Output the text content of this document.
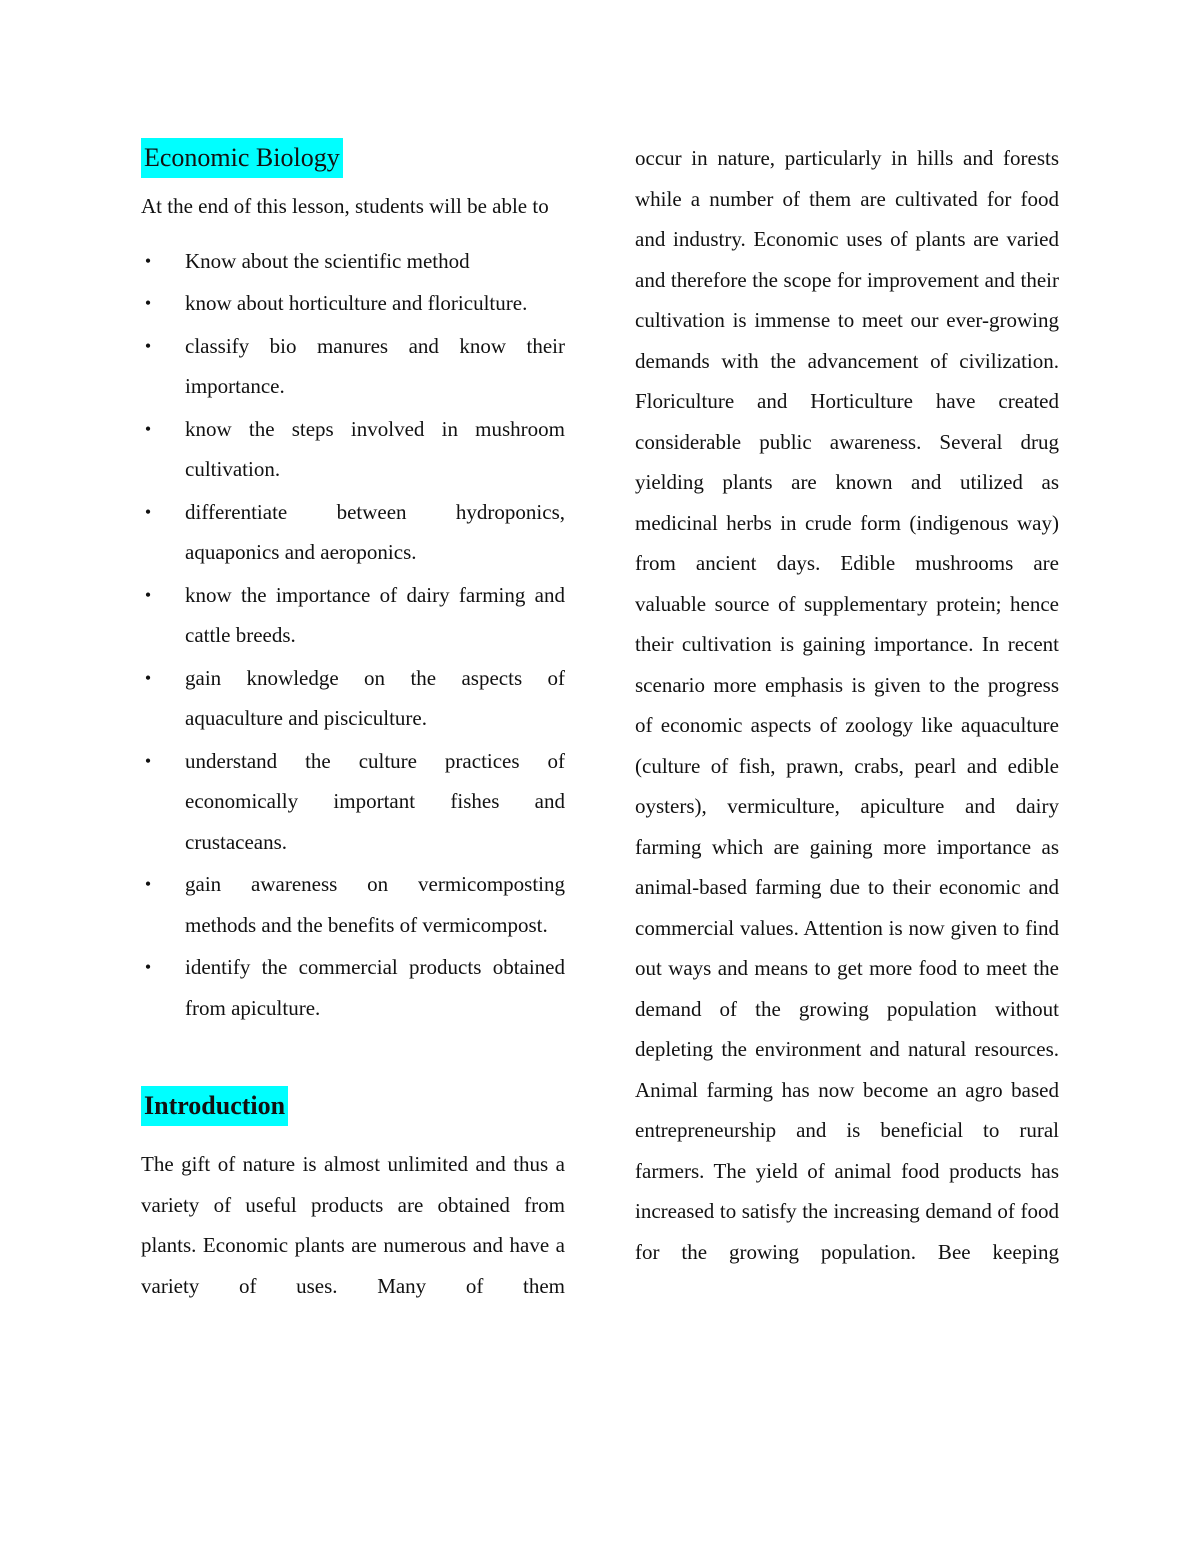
Economic Biology

At the end of this lesson, students will be able to

• Know about the scientific method
• know about horticulture and floriculture.
• classify bio manures and know their importance.
• know the steps involved in mushroom cultivation.
• differentiate between hydroponics, aquaponics and aeroponics.
• know the importance of dairy farming and cattle breeds.
• gain knowledge on the aspects of aquaculture and pisciculture.
• understand the culture practices of economically important fishes and crustaceans.
• gain awareness on vermicomposting methods and the benefits of vermicompost.
• identify the commercial products obtained from apiculture.
Introduction

The gift of nature is almost unlimited and thus a variety of useful products are obtained from plants. Economic plants are numerous and have a variety of uses. Many of them

occur in nature, particularly in hills and forests while a number of them are cultivated for food and industry. Economic uses of plants are varied and therefore the scope for improvement and their cultivation is immense to meet our ever-growing demands with the advancement of civilization. Floriculture and Horticulture have created considerable public awareness. Several drug yielding plants are known and utilized as medicinal herbs in crude form (indigenous way) from ancient days. Edible mushrooms are valuable source of supplementary protein; hence their cultivation is gaining importance. In recent scenario more emphasis is given to the progress of economic aspects of zoology like aquaculture (culture of fish, prawn, crabs, pearl and edible oysters), vermiculture, apiculture and dairy farming which are gaining more importance as animal-based farming due to their economic and commercial values. Attention is now given to find out ways and means to get more food to meet the demand of the growing population without depleting the environment and natural resources. Animal farming has now become an agro based entrepreneurship and is beneficial to rural farmers. The yield of animal food products has increased to satisfy the increasing demand of food for the growing population. Bee keeping
